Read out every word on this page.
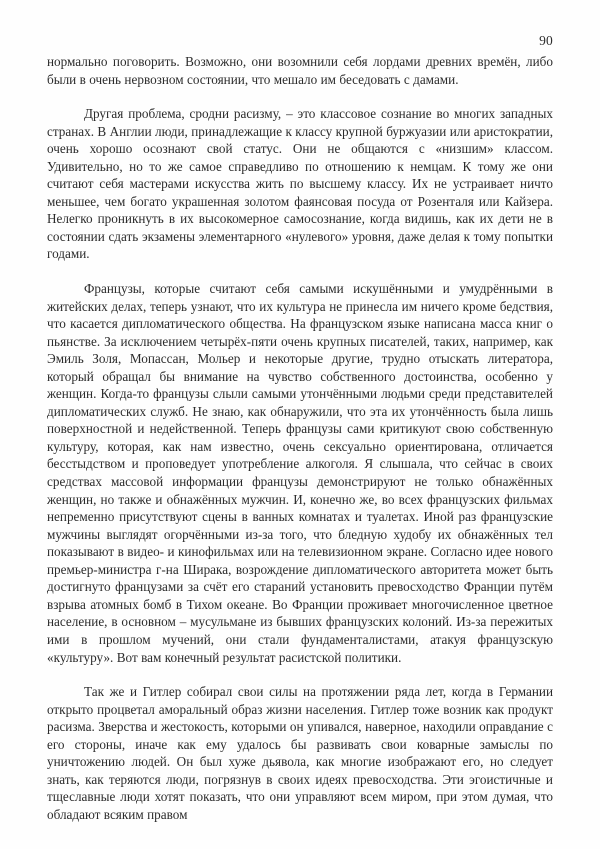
90

нормально поговорить. Возможно, они возомнили себя лордами древних времён, либо были в очень нервозном состоянии, что мешало им беседовать с дамами.

Другая проблема, сродни расизму, – это классовое сознание во многих западных странах. В Англии люди, принадлежащие к классу крупной буржуазии или аристократии, очень хорошо осознают свой статус. Они не общаются с «низшим» классом. Удивительно, но то же самое справедливо по отношению к немцам. К тому же они считают себя мастерами искусства жить по высшему классу. Их не устраивает ничто меньшее, чем богато украшенная золотом фаянсовая посуда от Розенталя или Кайзера. Нелегко проникнуть в их высокомерное самосознание, когда видишь, как их дети не в состоянии сдать экзамены элементарного «нулевого» уровня, даже делая к тому попытки годами.

Французы, которые считают себя самыми искушёнными и умудрёнными в житейских делах, теперь узнают, что их культура не принесла им ничего кроме бедствия, что касается дипломатического общества. На французском языке написана масса книг о пьянстве. За исключением четырёх-пяти очень крупных писателей, таких, например, как Эмиль Золя, Мопассан, Мольер и некоторые другие, трудно отыскать литератора, который обращал бы внимание на чувство собственного достоинства, особенно у женщин. Когда-то французы слыли самыми утончёнными людьми среди представителей дипломатических служб. Не знаю, как обнаружили, что эта их утончённость была лишь поверхностной и недейственной. Теперь французы сами критикуют свою собственную культуру, которая, как нам известно, очень сексуально ориентирована, отличается бесстыдством и проповедует употребление алкоголя. Я слышала, что сейчас в своих средствах массовой информации французы демонстрируют не только обнажённых женщин, но также и обнажённых мужчин. И, конечно же, во всех французских фильмах непременно присутствуют сцены в ванных комнатах и туалетах. Иной раз французские мужчины выглядят огорчёнными из-за того, что бледную худобу их обнажённых тел показывают в видео- и кинофильмах или на телевизионном экране. Согласно идее нового премьер-министра г-на Ширака, возрождение дипломатического авторитета может быть достигнуто французами за счёт его стараний установить превосходство Франции путём взрыва атомных бомб в Тихом океане. Во Франции проживает многочисленное цветное население, в основном – мусульмане из бывших французских колоний. Из-за пережитых ими в прошлом мучений, они стали фундаменталистами, атакуя французскую «культуру». Вот вам конечный результат расистской политики.

Так же и Гитлер собирал свои силы на протяжении ряда лет, когда в Германии открыто процветал аморальный образ жизни населения. Гитлер тоже возник как продукт расизма. Зверства и жестокость, которыми он упивался, наверное, находили оправдание с его стороны, иначе как ему удалось бы развивать свои коварные замыслы по уничтожению людей. Он был хуже дьявола, как многие изображают его, но следует знать, как теряются люди, погрязнув в своих идеях превосходства. Эти эгоистичные и тщеславные люди хотят показать, что они управляют всем миром, при этом думая, что обладают всяким правом
